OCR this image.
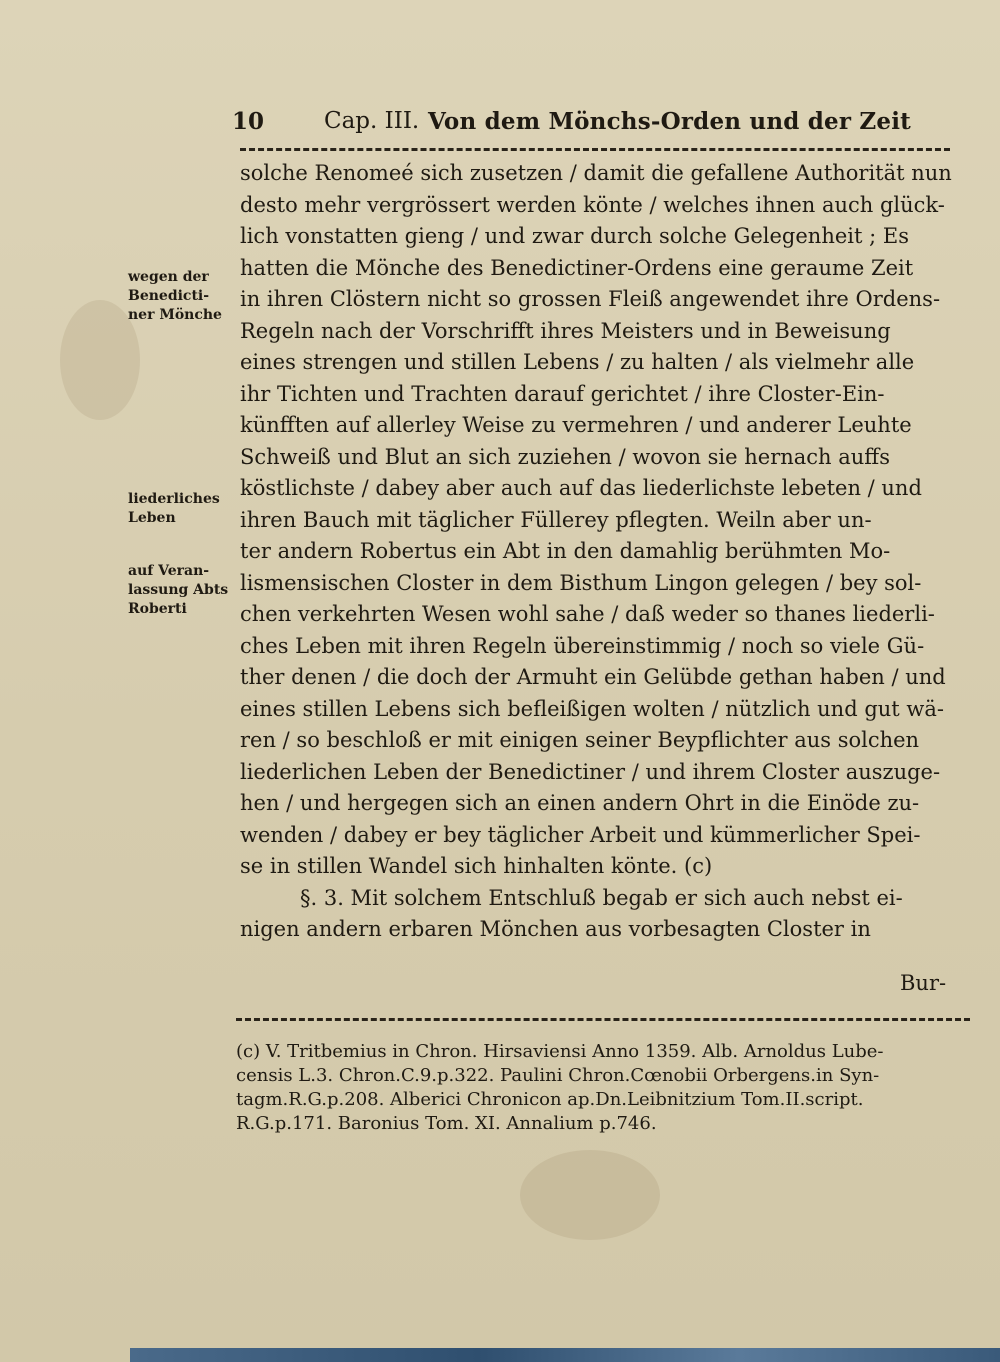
10	Cap. III. Von dem Mönchs-Orden und der Zeit
wegen der
Benedicti-
ner Mönche
liederliches
Leben
auf Veran-
lassung Abts
Roberti
solche Renomeé sich zusetzen / damit die gefallene Authorität nun
desto mehr vergrössert werden könte / welches ihnen auch glück-
lich vonstatten gieng / und zwar durch solche Gelegenheit ; Es
hatten die Mönche des Benedictiner-Ordens eine geraume Zeit
in ihren Clöstern nicht so grossen Fleiß angewendet ihre Ordens-
Regeln nach der Vorschrifft ihres Meisters und in Beweisung
eines strengen und stillen Lebens / zu halten / als vielmehr alle
ihr Tichten und Trachten darauf gerichtet / ihre Closter-Ein-
künfften auf allerley Weise zu vermehren / und anderer Leuhte
Schweiß und Blut an sich zuziehen / wovon sie hernach auffs
köstlichste / dabey aber auch auf das liederlichste lebeten / und
ihren Bauch mit täglicher Füllerey pflegten. Weiln aber un-
ter andern Robertus ein Abt in den damahlig berühmten Mo-
lismensischen Closter in dem Bisthum Lingon gelegen / bey sol-
chen verkehrten Wesen wohl sahe / daß weder so thanes liederli-
ches Leben mit ihren Regeln übereinstimmig / noch so viele Gü-
ther denen / die doch der Armuht ein Gelübde gethan haben / und
eines stillen Lebens sich befleißigen wolten / nützlich und gut wä-
ren / so beschloß er mit einigen seiner Beypflichter aus solchen
liederlichen Leben der Benedictiner / und ihrem Closter auszuge-
hen / und hergegen sich an einen andern Ohrt in die Einöde zu-
wenden / dabey er bey täglicher Arbeit und kümmerlicher Spei-
se in stillen Wandel sich hinhalten könte. (c)
§. 3. Mit solchem Entschluß begab er sich auch nebst ei-
nigen andern erbaren Mönchen aus vorbesagten Closter in
Bur-
(c) V. Tritbemius in Chron. Hirsaviensi Anno 1359. Alb. Arnoldus Lube-
censis L.3. Chron.C.9.p.322. Paulini Chron.Cœnobii Orbergens.in Syn-
tagm.R.G.p.208. Alberici Chronicon ap.Dn.Leibnitzium Tom.II.script.
R.G.p.171. Baronius Tom. XI. Annalium p.746.
